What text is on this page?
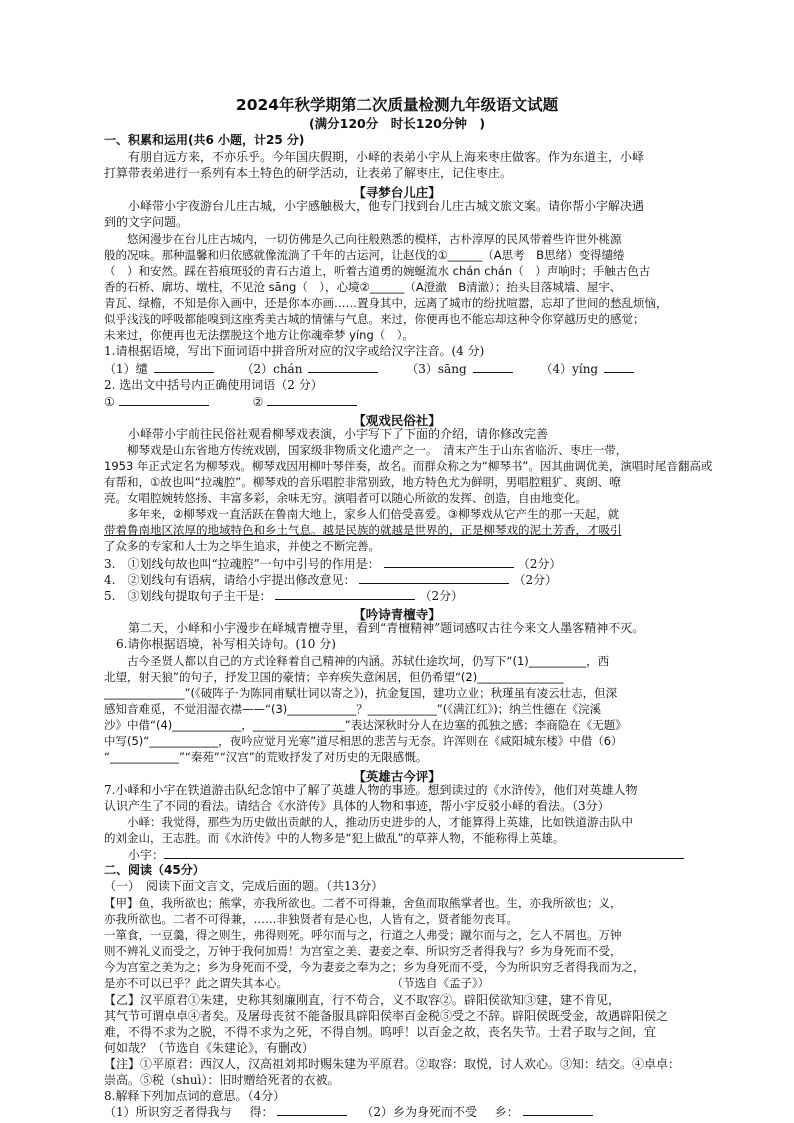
2024年秋学期第二次质量检测九年级语文试题
(满分120分　时长120分钟　)
一、积累和运用(共6 小题，计25 分)
有朋自远方来，不亦乐乎。今年国庆假期，小峄的表弟小宇从上海来枣庄做客。作为东道主，小峄
打算带表弟进行一系列有本土特色的研学活动，让表弟了解枣庄，记住枣庄。
【寻梦台儿庄】
小峄带小宇夜游台儿庄古城，小宇感触极大，他专门找到台儿庄古城文旅文案。请你帮小宇解决遇
到的文字问题。
悠闲漫步在台儿庄古城内，一切仿佛是久己向往般熟悉的模样，古朴淳厚的民风带着些许世外桃源
般的况味。那种温馨和归依感就像流淌了千年的古运河，让赵伐的①______（A思考　B思绪）变得缱绻
（　）和安然。踩在苔痕斑驳的青石古道上，听着古道勇的婉蜒流水 chán chán（　）声响时；手触古色古
香的石桥、廓坊、墩柱，不见沧 sāng（　），心境②______（A澄澈　B清澈）；抬头目落城墙、屋宇、
青瓦、绿檐，不知是你入画中，还是你本亦画……置身其中，远离了城市的纷扰喧嚣，忘却了世间的愁乱烦恼，
似乎浅浅的呼吸都能嗅到这座秀美古城的情愫与气息。来过，你便再也不能忘却这种令你穿越历史的感觉；
未来过，你便再也无法摆脱这个地方让你魂牵梦 yíng（　）。
1.请根据语境，写出下面词语中拼音所对应的汉字或给汉字注音。(4 分)
（1）缱	（2）chán	（3）sāng	（4）yíng
2. 选出文中括号内正确使用词语（2 分）
①	②
【观戏民俗社】
小峄带小宇前往民俗社观看柳琴戏表演，小宇写下了下面的介绍，请你修改完善
柳琴戏是山东省地方传统戏剧，国家级非物质文化遗产之一。　清末产生于山东省临沂、枣庄一带，
1953 年正式定名为柳琴戏。柳琴戏因用柳叶琴伴奏，故名。而群众称之为“柳琴书”。因其曲调优美，演唱时尾音翻高或
有帮和，①故也叫“拉魂腔”。柳琴戏的音乐唱腔非常别致，地方特色尤为鲜明，男唱腔粗犷、爽朗、嘹
亮。女唱腔婉转悠扬、丰富多彩，余味无穷。演唱者可以随心所欲的发挥、创造，自由地变化。
多年来，②柳琴戏一直活跃在鲁南大地上，家乡人们倍受喜爱。③柳琴戏从它产生的那一天起，就
带着鲁南地区浓厚的地域特色和乡土气息。越是民族的就越是世界的，正是柳琴戏的泥土芳香，才吸引
了众多的专家和人士为之毕生追求，并使之不断完善。
3.　①划线句故也叫“拉魂腔”一句中引号的作用是：	（2分）
4.　②划线句有语病，请给小宇提出修改意见：	（2分）
5.　③划线句提取句子主干是：	（2分）
【吟诗青檀寺】
第二天，小峄和小宇漫步在峄城青檀寺里，看到“青檀精神”题词感叹古往今来文人墨客精神不灭。
6.请你根据语境，补写相关诗句。(10 分)
古今圣贤人都以自己的方式诠释着自己精神的内涵。苏轼仕途坎坷，仍写下“(1)__________，西
北望，射天狼”的句子，抒发卫国的豪情；辛弃疾失意闲居，但仍希望“(2)_______________
______________”(《破阵子·为陈同甫赋壮词以寄之》)，抗金复国，建功立业；秋瑾虽有凌云壮志，但深
感知音难觅，不觉泪湿衣襟——“(3)____________？____________”(《满江红》)；纳兰性德在《浣溪
沙》中借“(4)____________，________________”表达深秋时分人在边塞的孤独之感；李商隐在《无题》
中写(5)“____________，夜吟应觉月光寒”道尽相思的悲苦与无奈。许浑则在《咸阳城东楼》中借（6）
“____________”“秦苑”“汉宫”的荒败抒发了对历史的无限感慨。
【英雄古今评】
7.小峄和小宇在铁道游击队纪念馆中了解了英雄人物的事迹。想到读过的《水浒传》，他们对英雄人物
认识产生了不同的看法。请结合《水浒传》具体的人物和事迹，帮小宇反驳小峄的看法。（3分）
小峄：我觉得，那些为历史做出贡献的人，推动历史进步的人，才能算得上英雄，比如铁道游击队中
的刘金山，王志胜。而《水浒传》中的人物多是“犯上做乱”的草莽人物，不能称得上英雄。
小宇：
二、阅读（45分）
（一）　阅读下面文言文，完成后面的题。（共13分）
【甲】鱼，我所欲也；熊掌，亦我所欲也。二者不可得兼，舍鱼而取熊掌者也。生，亦我所欲也；义，
亦我所欲也。二者不可得兼，……非独贤者有是心也，人皆有之，贤者能勿丧耳。
一箪食，一豆羹，得之则生，弗得则死。呼尔而与之，行道之人弗受；蹴尔而与之，乞人不屑也。万钟
则不辨礼义而受之，万钟于我何加焉！为宫室之美、妻妾之奉、所识穷乏者得我与？乡为身死而不受，
今为宫室之美为之；乡为身死而不受，今为妻妾之奉为之；乡为身死而不受，今为所识穷乏者得我而为之，
是亦不可以已乎？此之谓失其本心。　　　　　　　　　　（节选自《孟子》）
【乙】汉平原君①朱建，史称其刻廉刚直，行不苟合，义不取容②。辟阳侯欲知③建，建不肯见，
其气节可谓卓卓④者矣。及屠母丧贫不能备服具辟阳侯率百金税⑤受之不辞。辟阳侯既受金，故遇辟阳侯之
难，不得不求为之脱，不得不求为之死，不得自刎。呜呼！以百金之故，丧名失节。士君子取与之间，宜
何如哉？（节选自《朱建论》，有删改）
【注】①平原君：西汉人，汉高祖刘邦时赐朱建为平原君。②取容：取悦，讨人欢心。③知：结交。④卓卓：
崇高。⑤税（shuì）：旧时赠给死者的衣被。
8.解释下列加点词的意思。（4分）
（1）所识穷乏者得我与 得：	（2）乡为身死而不受 乡：
